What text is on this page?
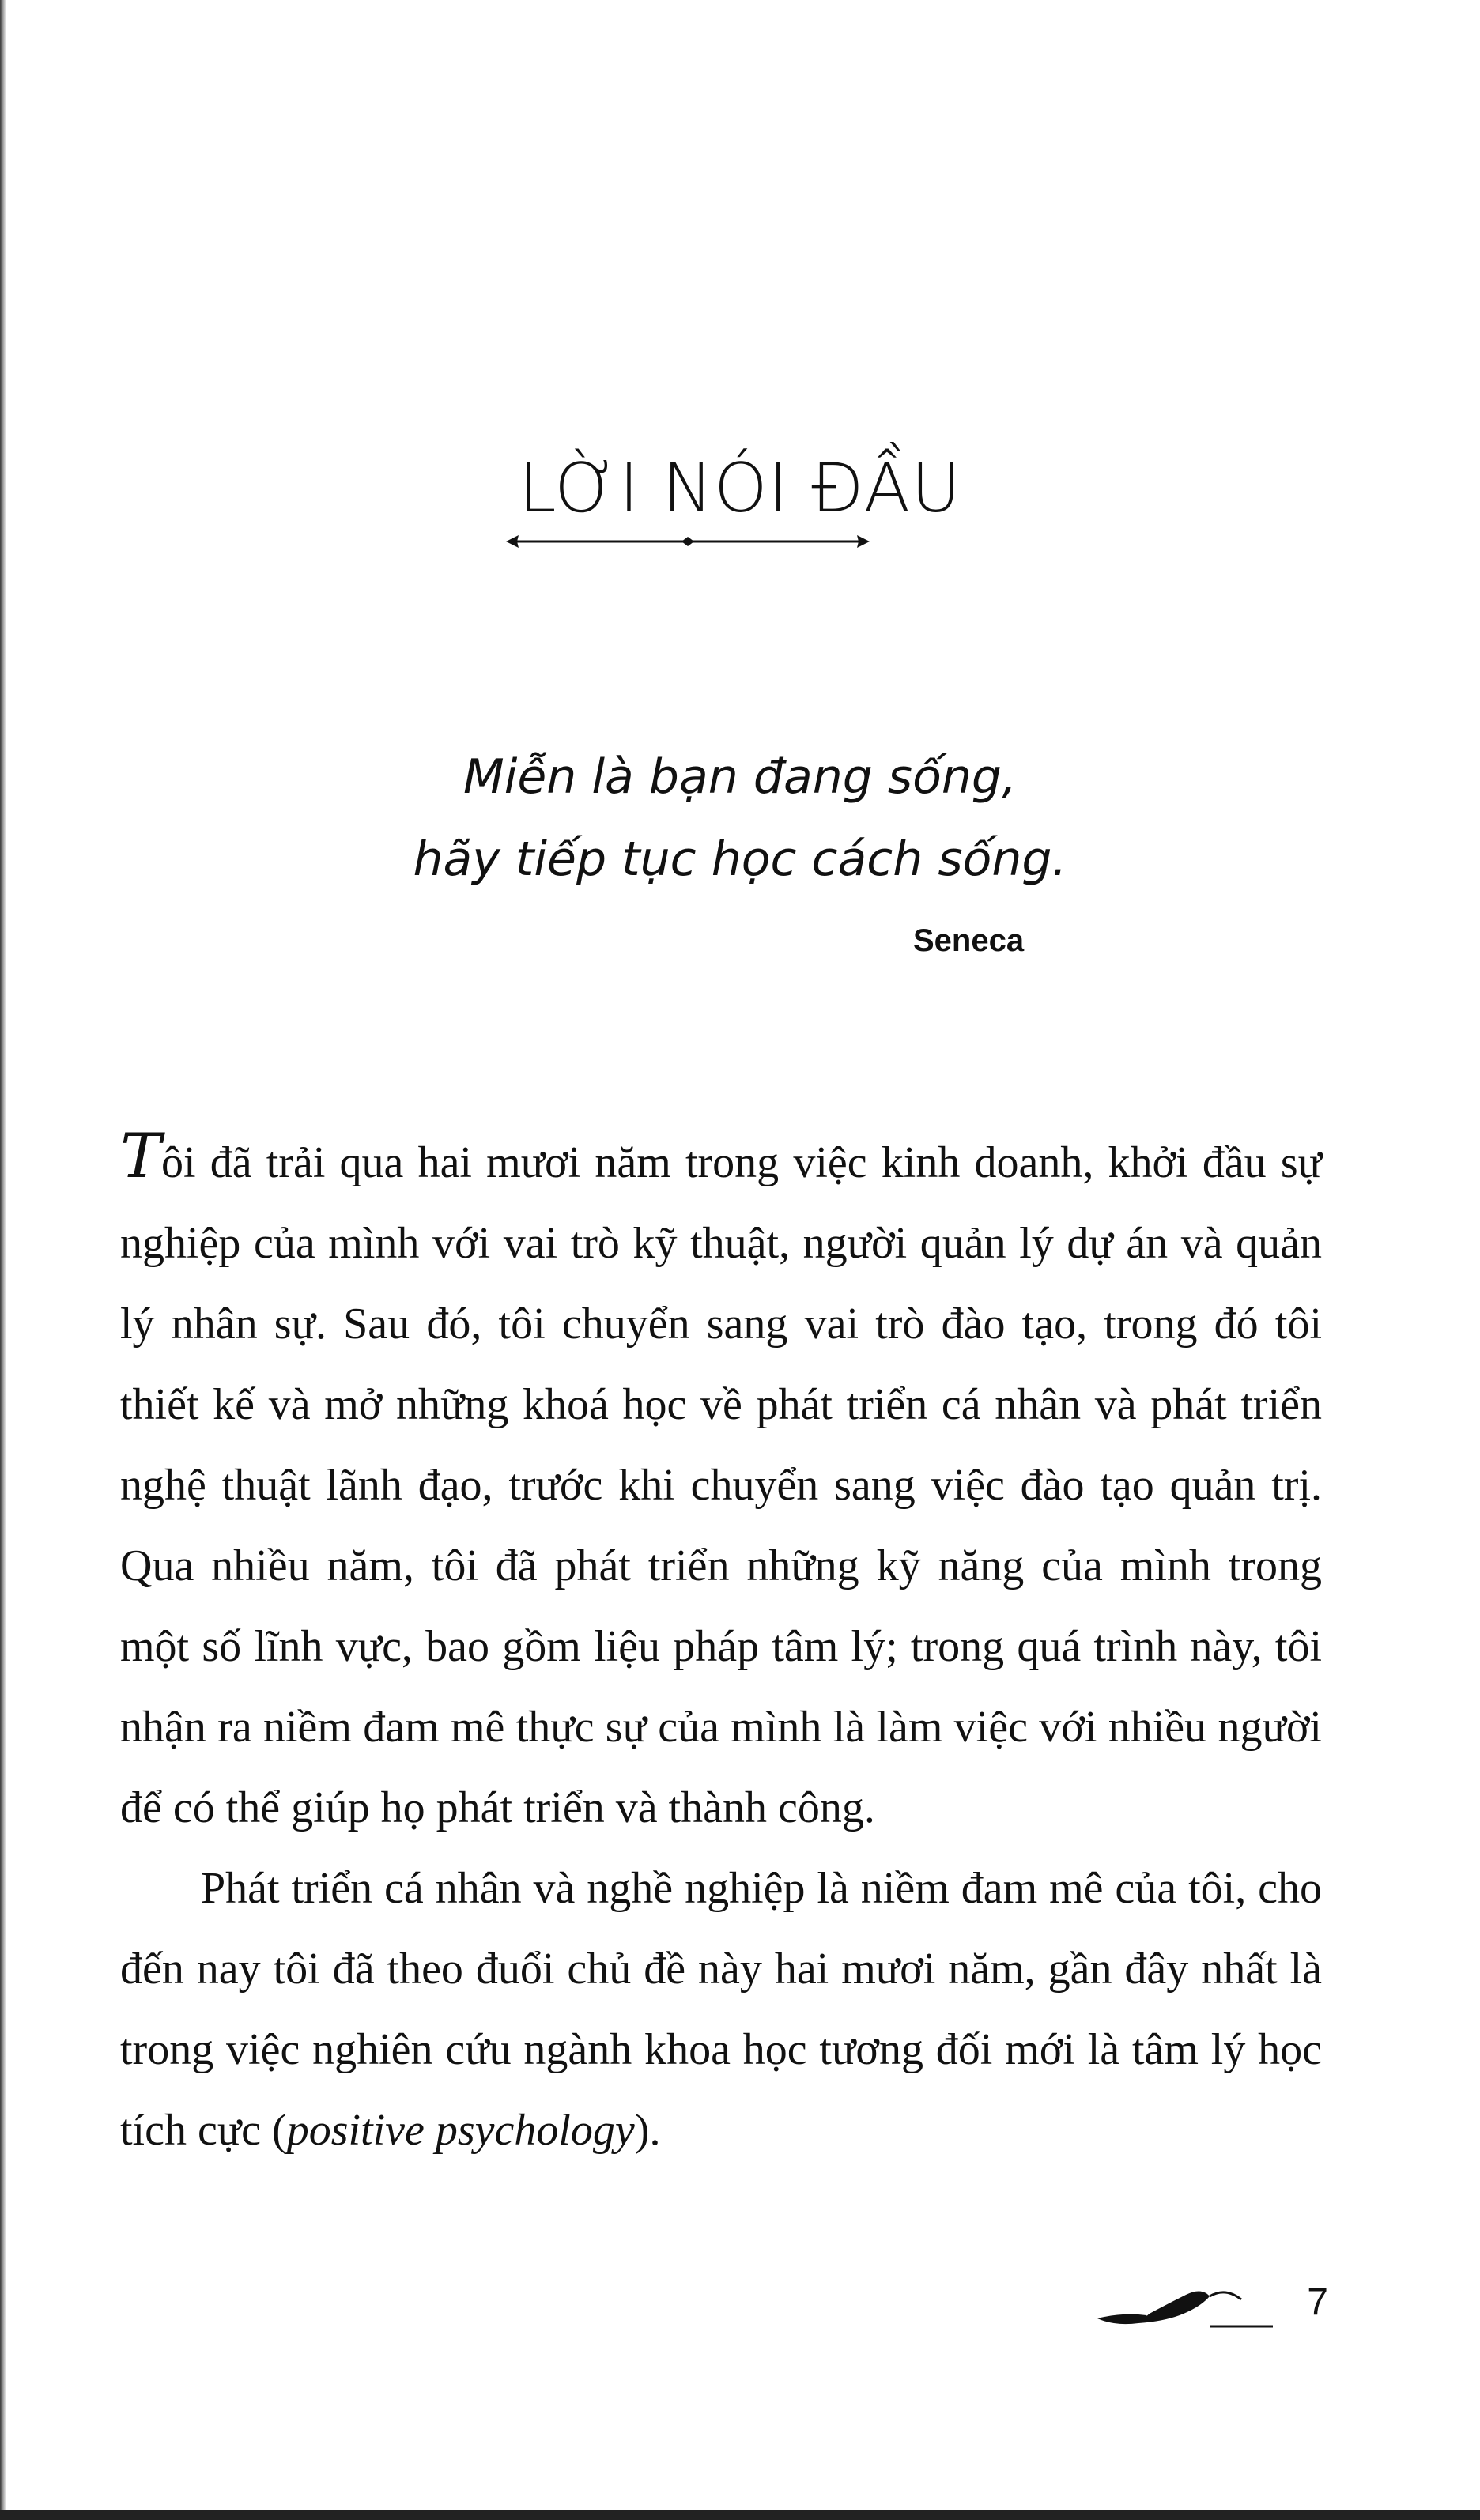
LỜI NÓI ĐẦU
Miễn là bạn đang sống,
hãy tiếp tục học cách sống.
Seneca

Tôi đã trải qua hai mươi năm trong việc kinh doanh, khởi đầu sự nghiệp của mình với vai trò kỹ thuật, người quản lý dự án và quản lý nhân sự. Sau đó, tôi chuyển sang vai trò đào tạo, trong đó tôi thiết kế và mở những khoá học về phát triển cá nhân và phát triển nghệ thuật lãnh đạo, trước khi chuyển sang việc đào tạo quản trị. Qua nhiều năm, tôi đã phát triển những kỹ năng của mình trong một số lĩnh vực, bao gồm liệu pháp tâm lý; trong quá trình này, tôi nhận ra niềm đam mê thực sự của mình là làm việc với nhiều người để có thể giúp họ phát triển và thành công.

Phát triển cá nhân và nghề nghiệp là niềm đam mê của tôi, cho đến nay tôi đã theo đuổi chủ đề này hai mươi năm, gần đây nhất là trong việc nghiên cứu ngành khoa học tương đối mới là tâm lý học tích cực (positive psychology).

7
